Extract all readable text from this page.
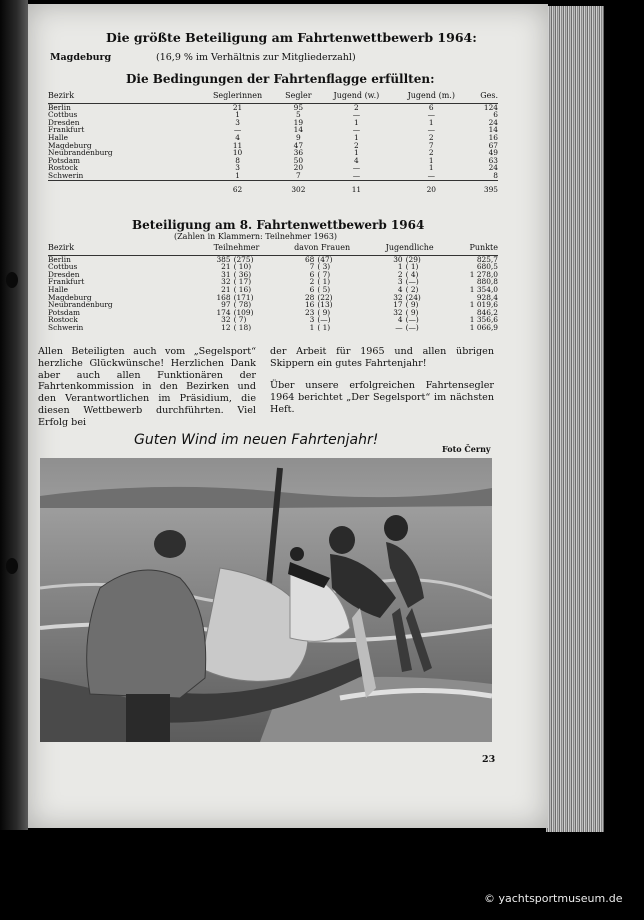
Die größte Beteiligung am Fahrtenwettbewerb 1964:
Magdeburg	(16,9 % im Verhältnis zur Mitgliederzahl)
Die Bedingungen der Fahrtenflagge erfüllten:
Bezirk	Seglerinnen	Segler	Jugend (w.)	Jugend (m.)	Ges.
Berlin	21	95	2	6	124
Cottbus	1	5	—	—	6
Dresden	3	19	1	1	24
Frankfurt	—	14	—	—	14
Halle	4	9	1	2	16
Magdeburg	11	47	2	7	67
Neubrandenburg	10	36	1	2	49
Potsdam	8	50	4	1	63
Rostock	3	20	—	1	24
Schwerin	1	7	—	—	8
	62	302	11	20	395
Beteiligung am 8. Fahrtenwettbewerb 1964
(Zahlen in Klammern: Teilnehmer 1963)
Bezirk	Teilnehmer		davon Frauen		Jugendliche		Punkte
Berlin	385	(275)	68	(47)	30	(29)	825,7
Cottbus	21	( 10)	7	( 3)	1	( 1)	680,5
Dresden	31	( 36)	6	( 7)	2	( 4)	1 278,0
Frankfurt	32	( 17)	2	( 1)	3	(—)	880,8
Halle	21	( 16)	6	( 5)	4	( 2)	1 354,0
Magdeburg	168	(171)	28	(22)	32	(24)	928,4
Neubrandenburg	97	( 78)	16	(13)	17	( 9)	1 019,6
Potsdam	174	(109)	23	( 9)	32	( 9)	846,2
Rostock	32	( 7)	3	(—)	4	(—)	1 356,6
Schwerin	12	( 18)	1	( 1)	—	(—)	1 066,9
Allen Beteiligten auch vom „Segelsport“ herzliche Glückwünsche! Herzlichen Dank aber auch allen Funktionären der Fahrtenkommission in den Bezirken und den Verantwortlichen im Präsidium, die diesen Wettbewerb durchführten. Viel Erfolg bei
der Arbeit für 1965 und allen übrigen Skippern ein gutes Fahrtenjahr!
Über unsere erfolgreichen Fahrtensegler 1964 berichtet „Der Segelsport“ im nächsten Heft.
Guten Wind im neuen Fahrtenjahr!
Foto Černy
23
© yachtsportmuseum.de
